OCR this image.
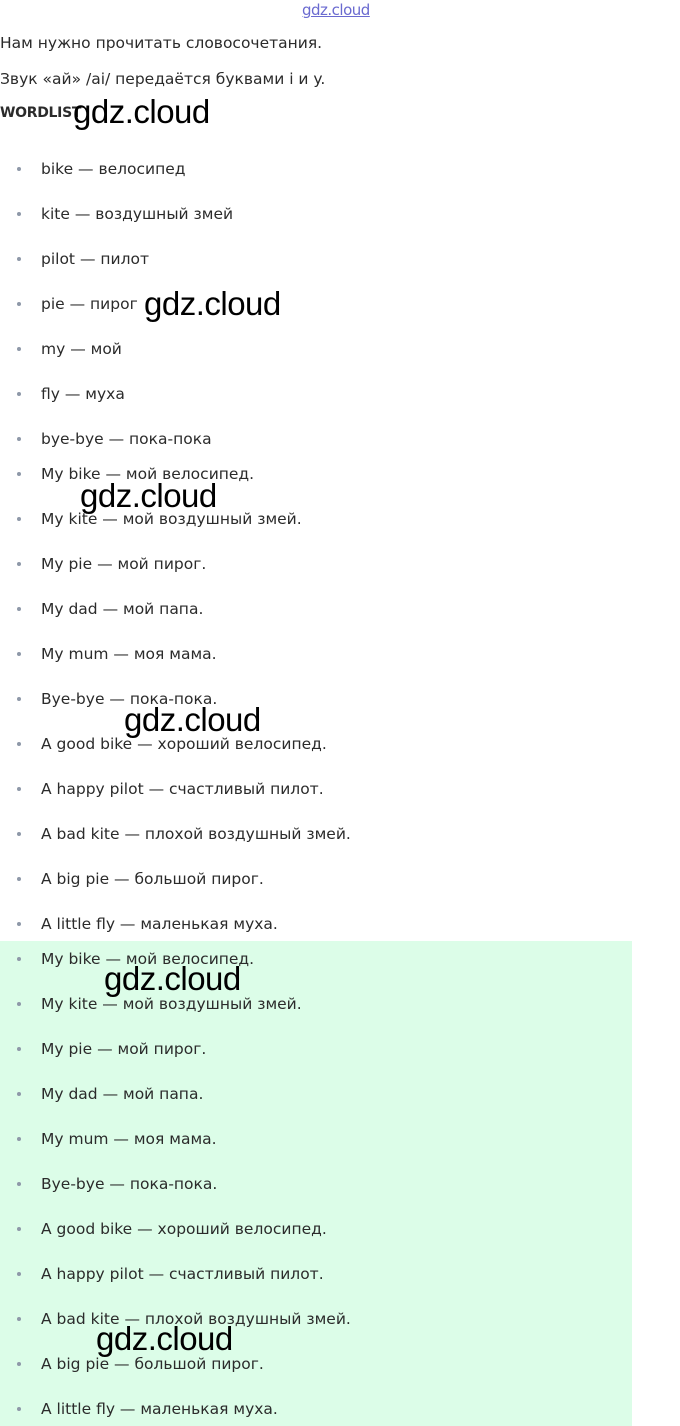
gdz.cloud

Нам нужно прочитать словосочетания.

Звук «ай» /ai/ передаётся буквами i и y.

WORDLIST
bike — велосипед
kite — воздушный змей
pilot — пилот
pie — пирог
my — мой
fly — муха
bye-bye — пока-пока
My bike — мой велосипед.
My kite — мой воздушный змей.
My pie — мой пирог.
My dad — мой папа.
My mum — моя мама.
Bye-bye — пока-пока.
A good bike — хороший велосипед.
A happy pilot — счастливый пилот.
A bad kite — плохой воздушный змей.
A big pie — большой пирог.
A little fly — маленькая муха.
My bike — мой велосипед.
My kite — мой воздушный змей.
My pie — мой пирог.
My dad — мой папа.
My mum — моя мама.
Bye-bye — пока-пока.
A good bike — хороший велосипед.
A happy pilot — счастливый пилот.
A bad kite — плохой воздушный змей.
A big pie — большой пирог.
A little fly — маленькая муха.
gdz.cloud
gdz.cloud
gdz.cloud
gdz.cloud
gdz.cloud
gdz.cloud
